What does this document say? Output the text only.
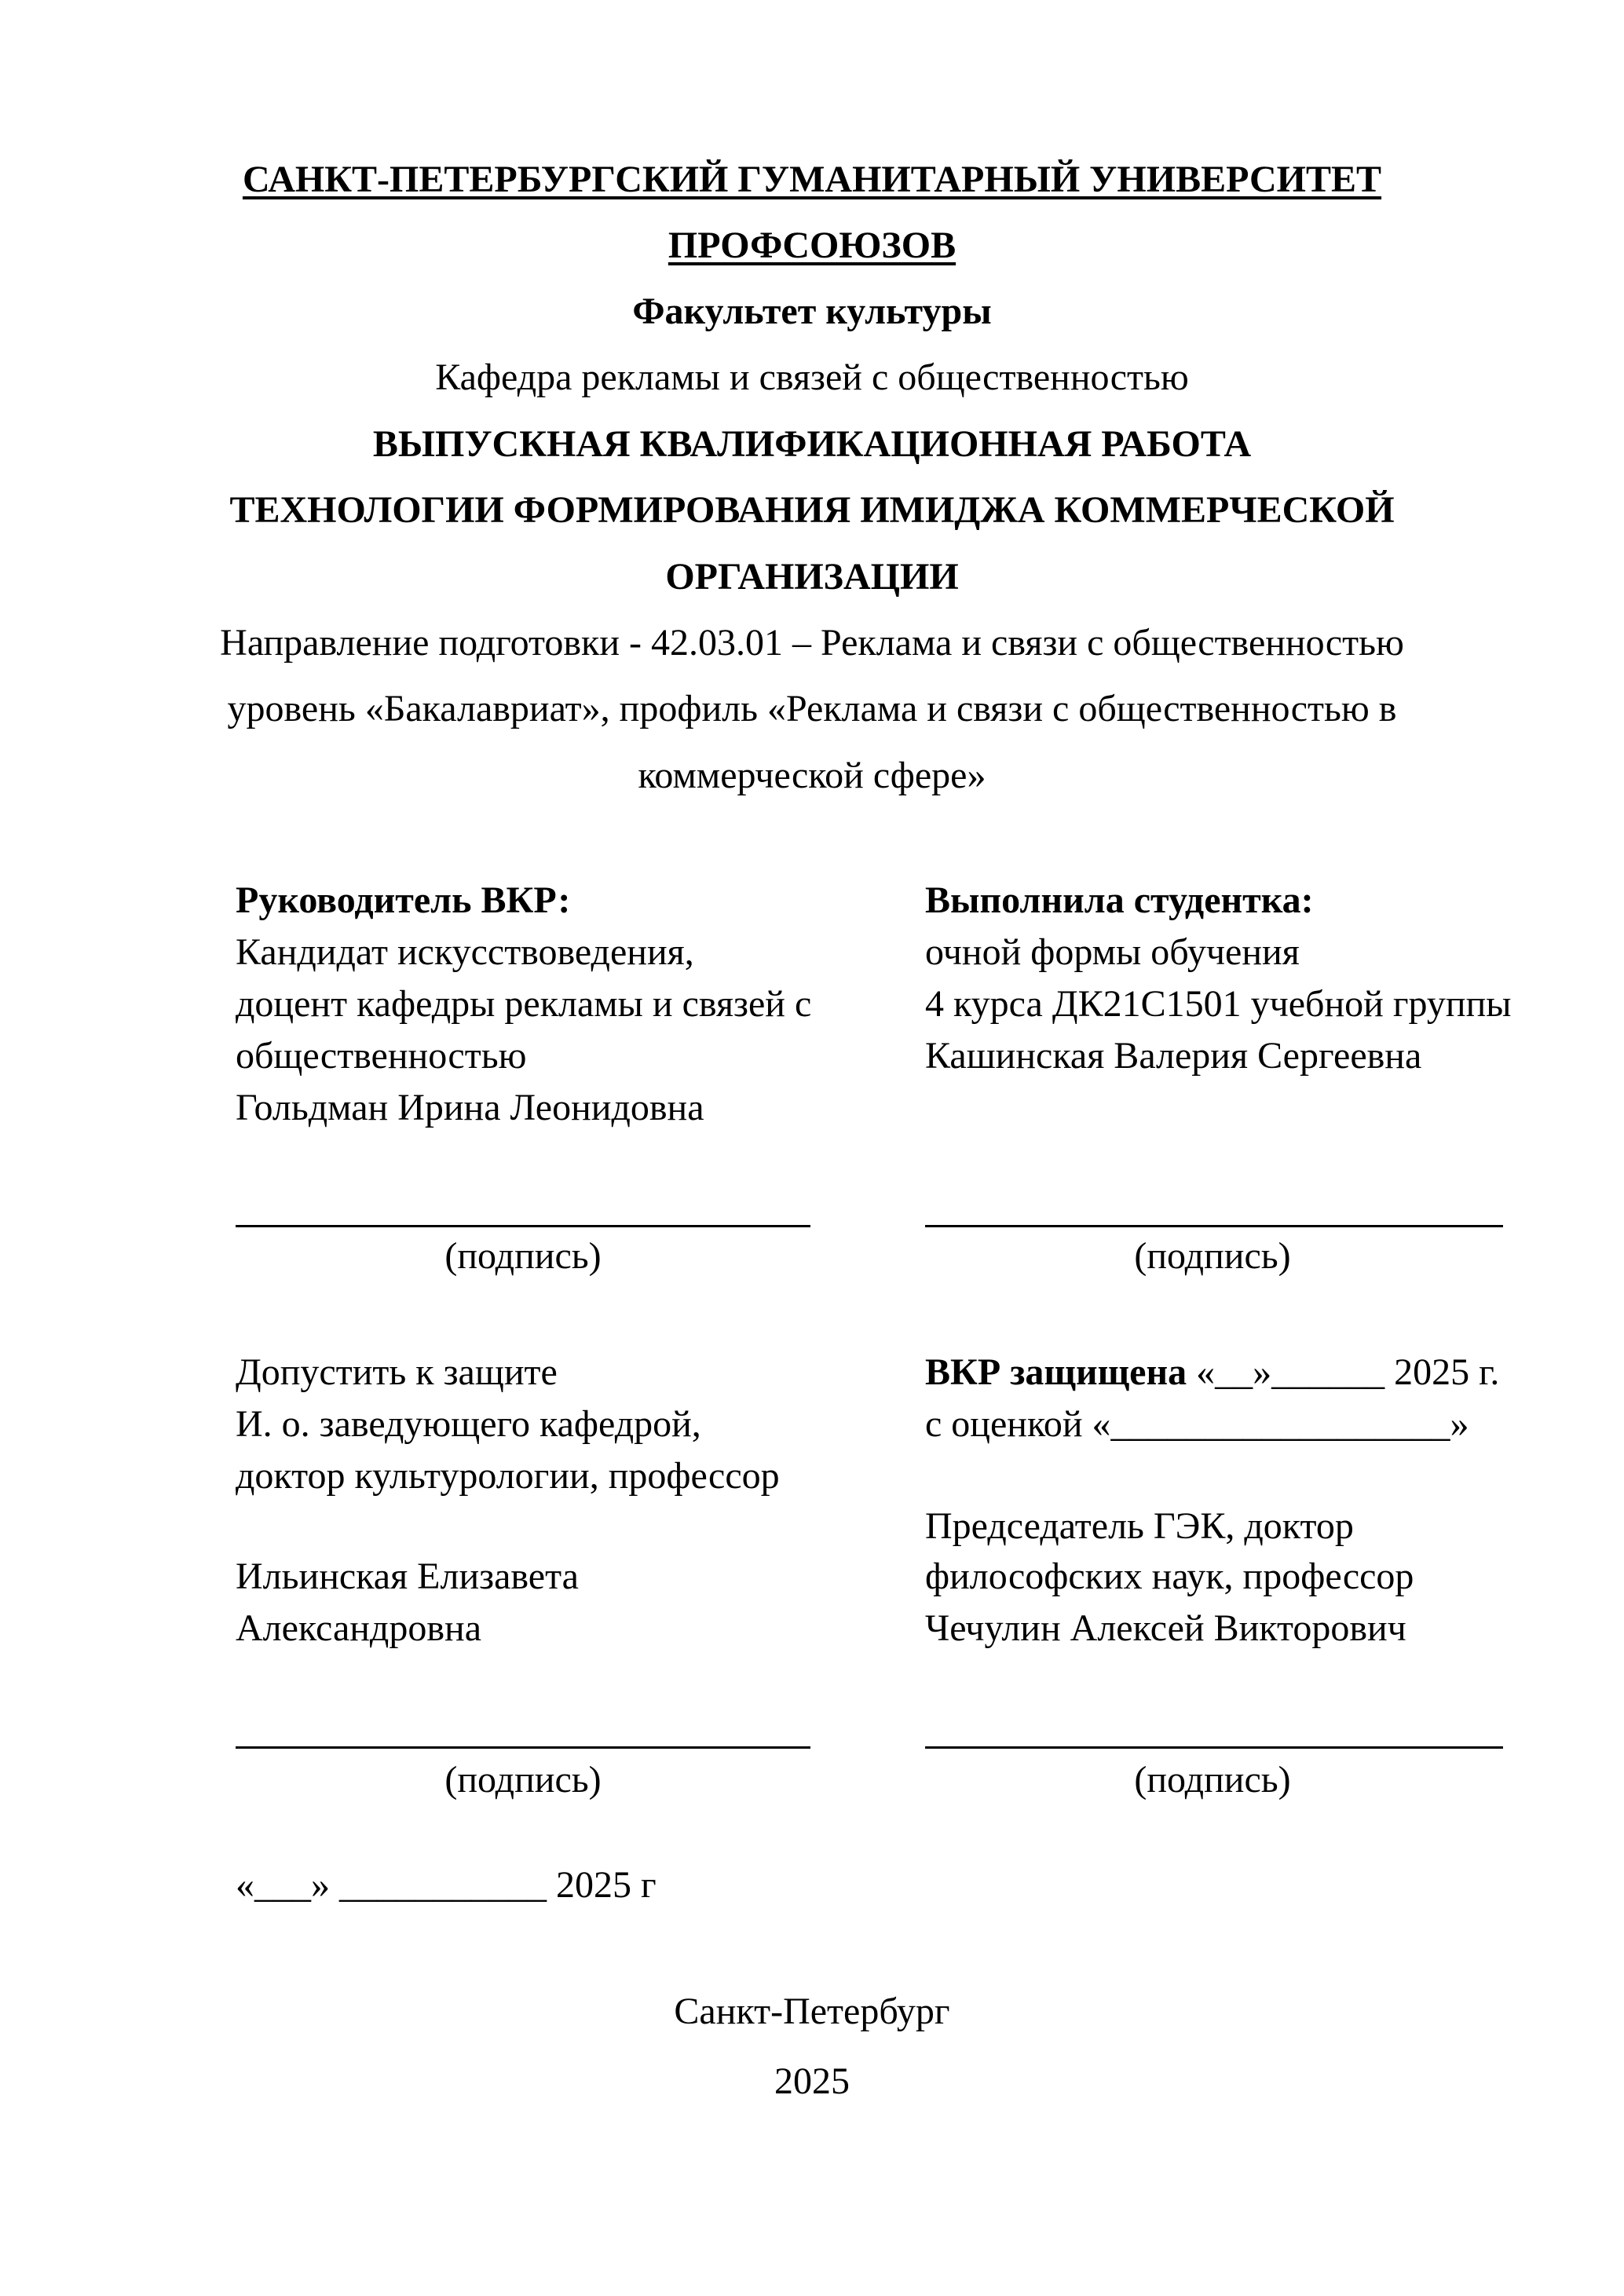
САНКТ-ПЕТЕРБУРГСКИЙ ГУМАНИТАРНЫЙ УНИВЕРСИТЕТ
ПРОФСОЮЗОВ
Факультет культуры
Кафедра рекламы и связей с общественностью
ВЫПУСКНАЯ КВАЛИФИКАЦИОННАЯ РАБОТА
ТЕХНОЛОГИИ ФОРМИРОВАНИЯ ИМИДЖА КОММЕРЧЕСКОЙ
ОРГАНИЗАЦИИ
Направление подготовки - 42.03.01 – Реклама и связи с общественностью
уровень «Бакалавриат», профиль «Реклама и связи с общественностью в
коммерческой сфере»
Руководитель ВКР:
Кандидат искусствоведения,
доцент кафедры рекламы и связей с
общественностью
Гольдман Ирина Леонидовна
(подпись)
Выполнила студентка:
очной формы обучения
4 курса ДК21С1501 учебной группы
Кашинская Валерия Сергеевна
(подпись)
Допустить к защите
И. о. заведующего кафедрой,
доктор культурологии, профессор
Ильинская Елизавета
Александровна
(подпись)
«___» ___________ 2025 г
ВКР защищена «__»______ 2025 г.
с оценкой «__________________»
Председатель ГЭК, доктор
философских наук, профессор
Чечулин Алексей Викторович
(подпись)
Санкт-Петербург
2025
